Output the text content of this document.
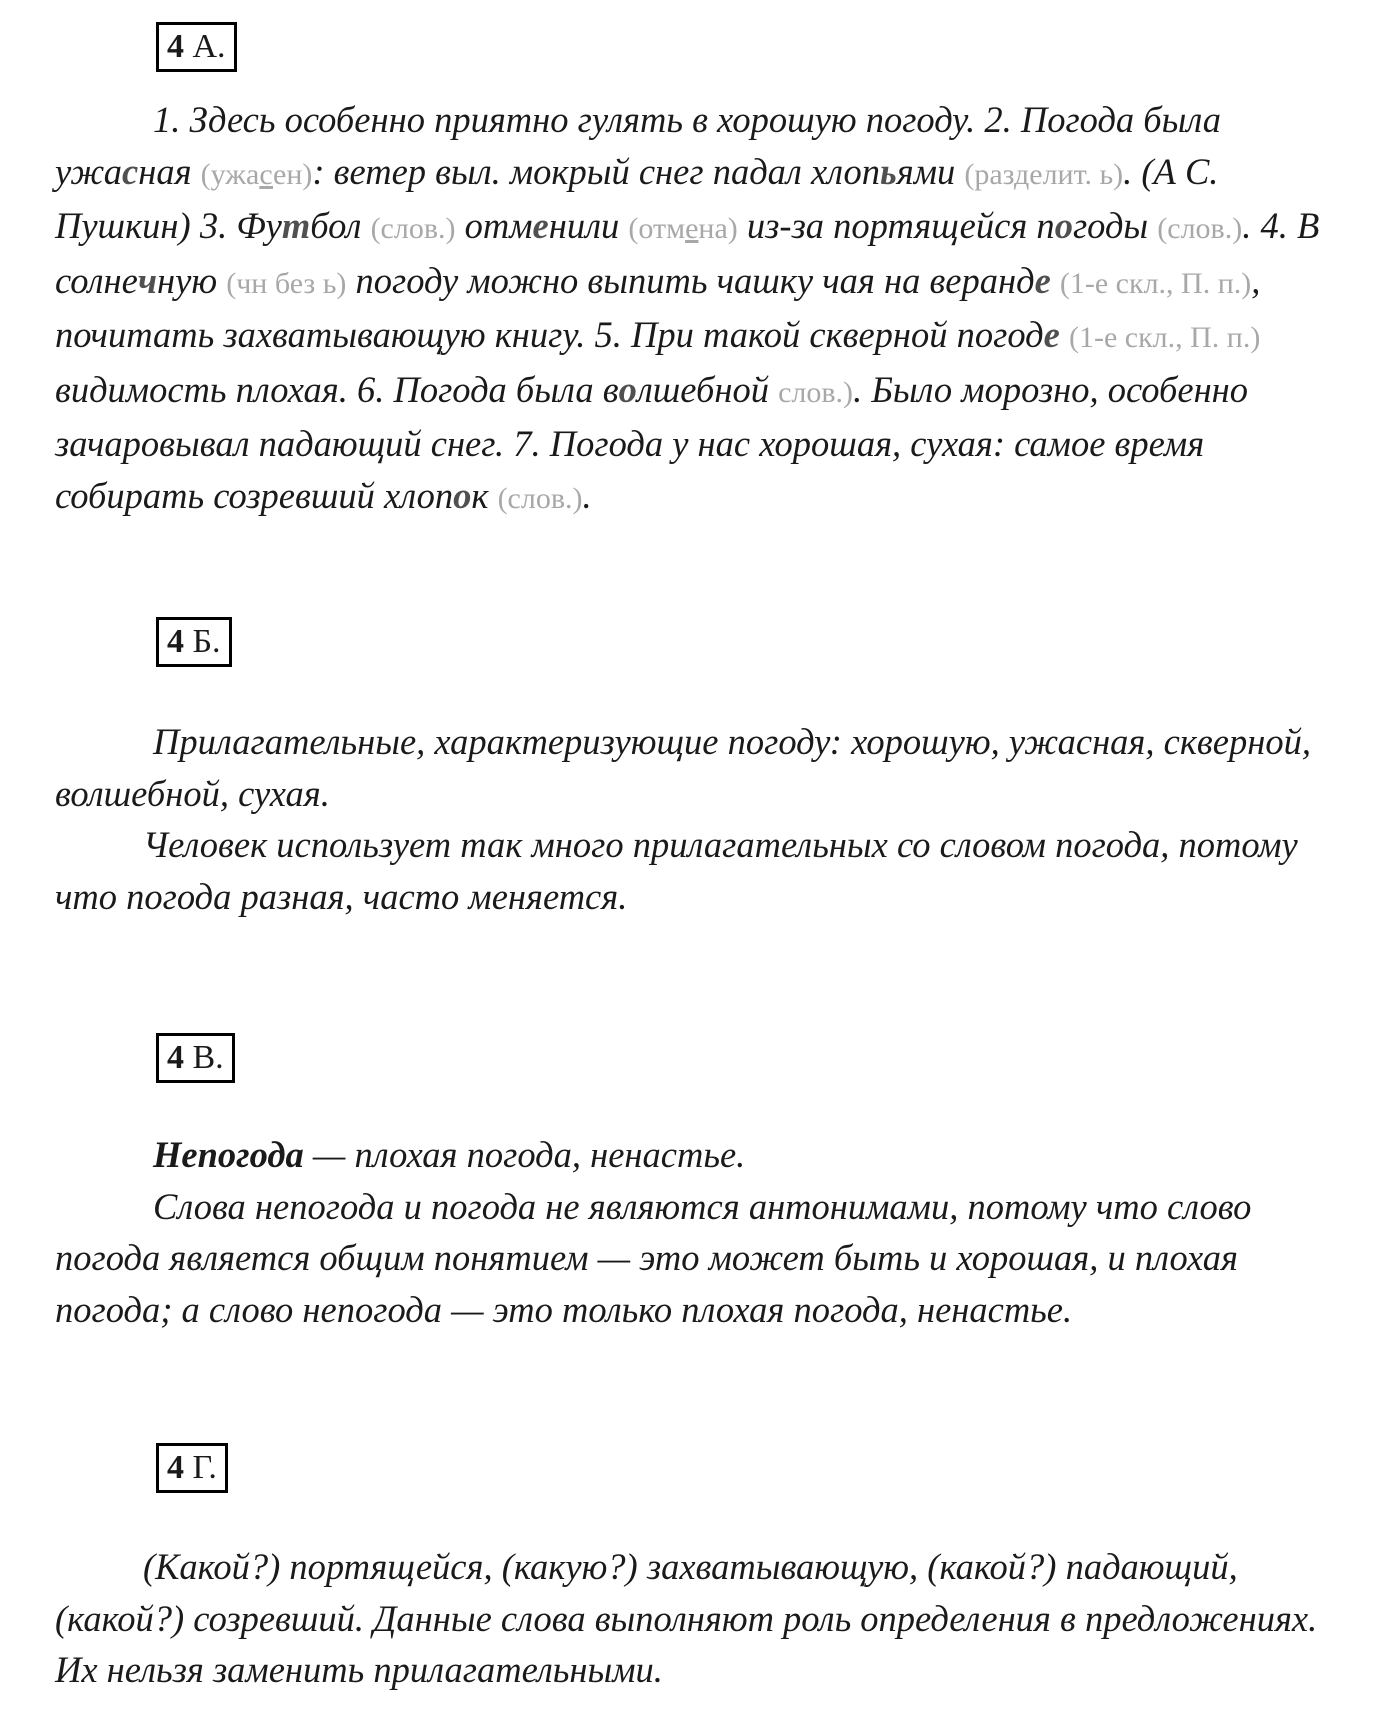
4 А.

1. Здесь особенно приятно гулять в хорошую погоду. 2. Погода была ужасная (ужасен): ветер выл. мокрый снег падал хлопьями (разделит. ь). (А С. Пушкин) 3. Футбол (слов.) отменили (отмена) из-за портящейся погоды (слов.). 4. В солнечную (чн без ь) погоду можно выпить чашку чая на веранде (1-е скл., П. п.), почитать захватывающую книгу. 5. При такой скверной погоде (1-е скл., П. п.) видимость плохая. 6. Погода была волшебной слов.). Было морозно, особенно зачаровывал падающий снег. 7. Погода у нас хорошая, сухая: самое время собирать созревший хлопок (слов.).

4 Б.

Прилагательные, характеризующие погоду: хорошую, ужасная, скверной, волшебной, сухая.

Человек использует так много прилагательных со словом погода, потому что погода разная, часто меняется.

4 В.

Непогода — плохая погода, ненастье.

Слова непогода и погода не являются антонимами, потому что слово погода является общим понятием — это может быть и хорошая, и плохая погода; а слово непогода — это только плохая погода, ненастье.

4 Г.

(Какой?) портящейся, (какую?) захватывающую, (какой?) падающий, (какой?) созревший. Данные слова выполняют роль определения в предложениях. Их нельзя заменить прилагательными.
